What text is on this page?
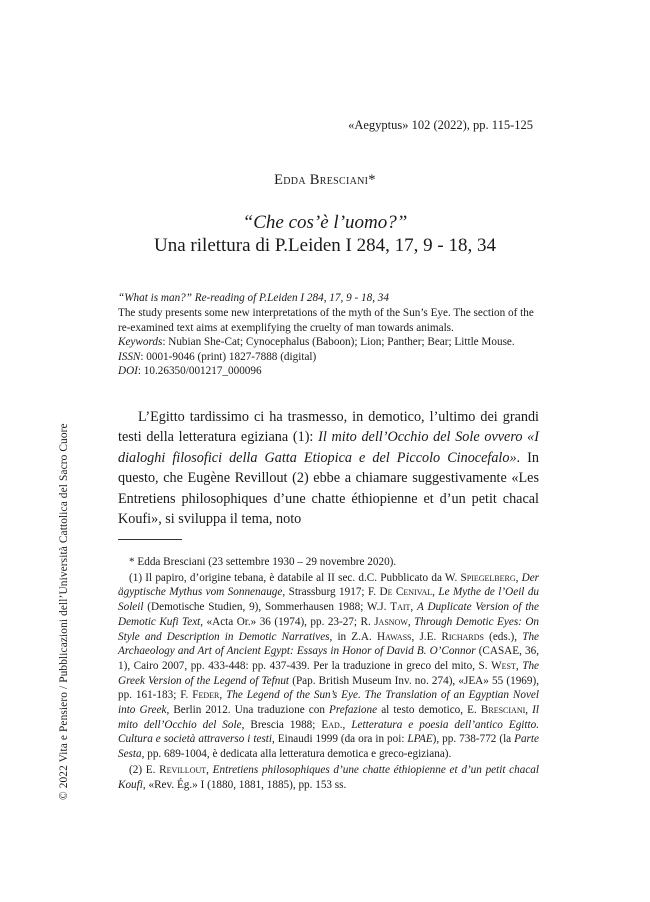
«Aegyptus» 102 (2022), pp. 115-125
Edda Bresciani*
“Che cos’è l’uomo?”
Una rilettura di P.Leiden I 284, 17, 9 - 18, 34

“What is man?” Re-reading of P.Leiden I 284, 17, 9 - 18, 34

The study presents some new interpretations of the myth of the Sun’s Eye. The section of the re-examined text aims at exemplifying the cruelty of man towards animals.

Keywords: Nubian She-Cat; Cynocephalus (Baboon); Lion; Panther; Bear; Little Mouse.

ISSN: 0001-9046 (print) 1827-7888 (digital)

DOI: 10.26350/001217_000096

© 2022 Vita e Pensiero / Pubblicazioni dell’Università Cattolica del Sacro Cuore

L’Egitto tardissimo ci ha trasmesso, in demotico, l’ultimo dei grandi testi della letteratura egiziana (1): Il mito dell’Occhio del Sole ovvero «I dialoghi filosofici della Gatta Etiopica e del Piccolo Cinocefalo». In questo, che Eugène Revillout (2) ebbe a chiamare suggestivamente «Les Entretiens philosophiques d’une chatte éthiopienne et d’un petit chacal Koufi», si sviluppa il tema, noto

* Edda Bresciani (23 settembre 1930 – 29 novembre 2020).

(1) Il papiro, d’origine tebana, è databile al II sec. d.C. Pubblicato da W. Spiegelberg, Der ägyptische Mythus vom Sonnenauge, Strassburg 1917; F. De Cenival, Le Mythe de l’Oeil du Soleil (Demotische Studien, 9), Sommerhausen 1988; W.J. Tait, A Duplicate Version of the Demotic Kufi Text, «Acta Or.» 36 (1974), pp. 23-27; R. Jasnow, Through Demotic Eyes: On Style and Description in Demotic Narratives, in Z.A. Hawass, J.E. Richards (eds.), The Archaeology and Art of Ancient Egypt: Essays in Honor of David B. O’Connor (CASAE, 36, 1), Cairo 2007, pp. 433-448: pp. 437-439. Per la traduzione in greco del mito, S. West, The Greek Version of the Legend of Tefnut (Pap. British Museum Inv. no. 274), «JEA» 55 (1969), pp. 161-183; F. Feder, The Legend of the Sun’s Eye. The Translation of an Egyptian Novel into Greek, Berlin 2012. Una traduzione con Prefazione al testo demotico, E. Bresciani, Il mito dell’Occhio del Sole, Brescia 1988; Ead., Letteratura e poesia dell’antico Egitto. Cultura e società attraverso i testi, Einaudi 1999 (da ora in poi: LPAE), pp. 738-772 (la Parte Sesta, pp. 689-1004, è dedicata alla letteratura demotica e greco-egiziana).

(2) E. Revillout, Entretiens philosophiques d’une chatte éthiopienne et d’un petit chacal Koufi, «Rev. Ég.» I (1880, 1881, 1885), pp. 153 ss.
